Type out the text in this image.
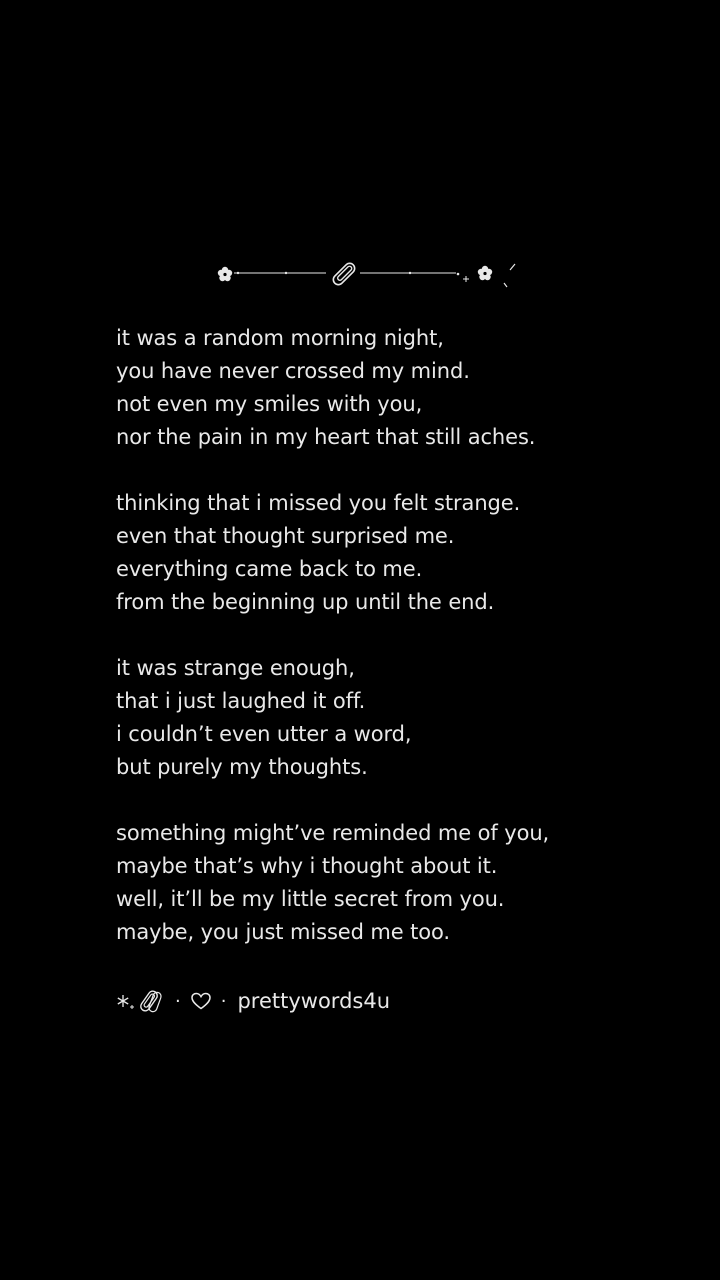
it was a random morning night,
you have never crossed my mind.
not even my smiles with you,
nor the pain in my heart that still aches.
thinking that i missed you felt strange.
even that thought surprised me.
everything came back to me.
from the beginning up until the end.
it was strange enough,
that i just laughed it off.
i couldn’t even utter a word,
but purely my thoughts.
something might’ve reminded me of you,
maybe that’s why i thought about it.
well, it’ll be my little secret from you.
maybe, you just missed me too.
· · prettywords4u
